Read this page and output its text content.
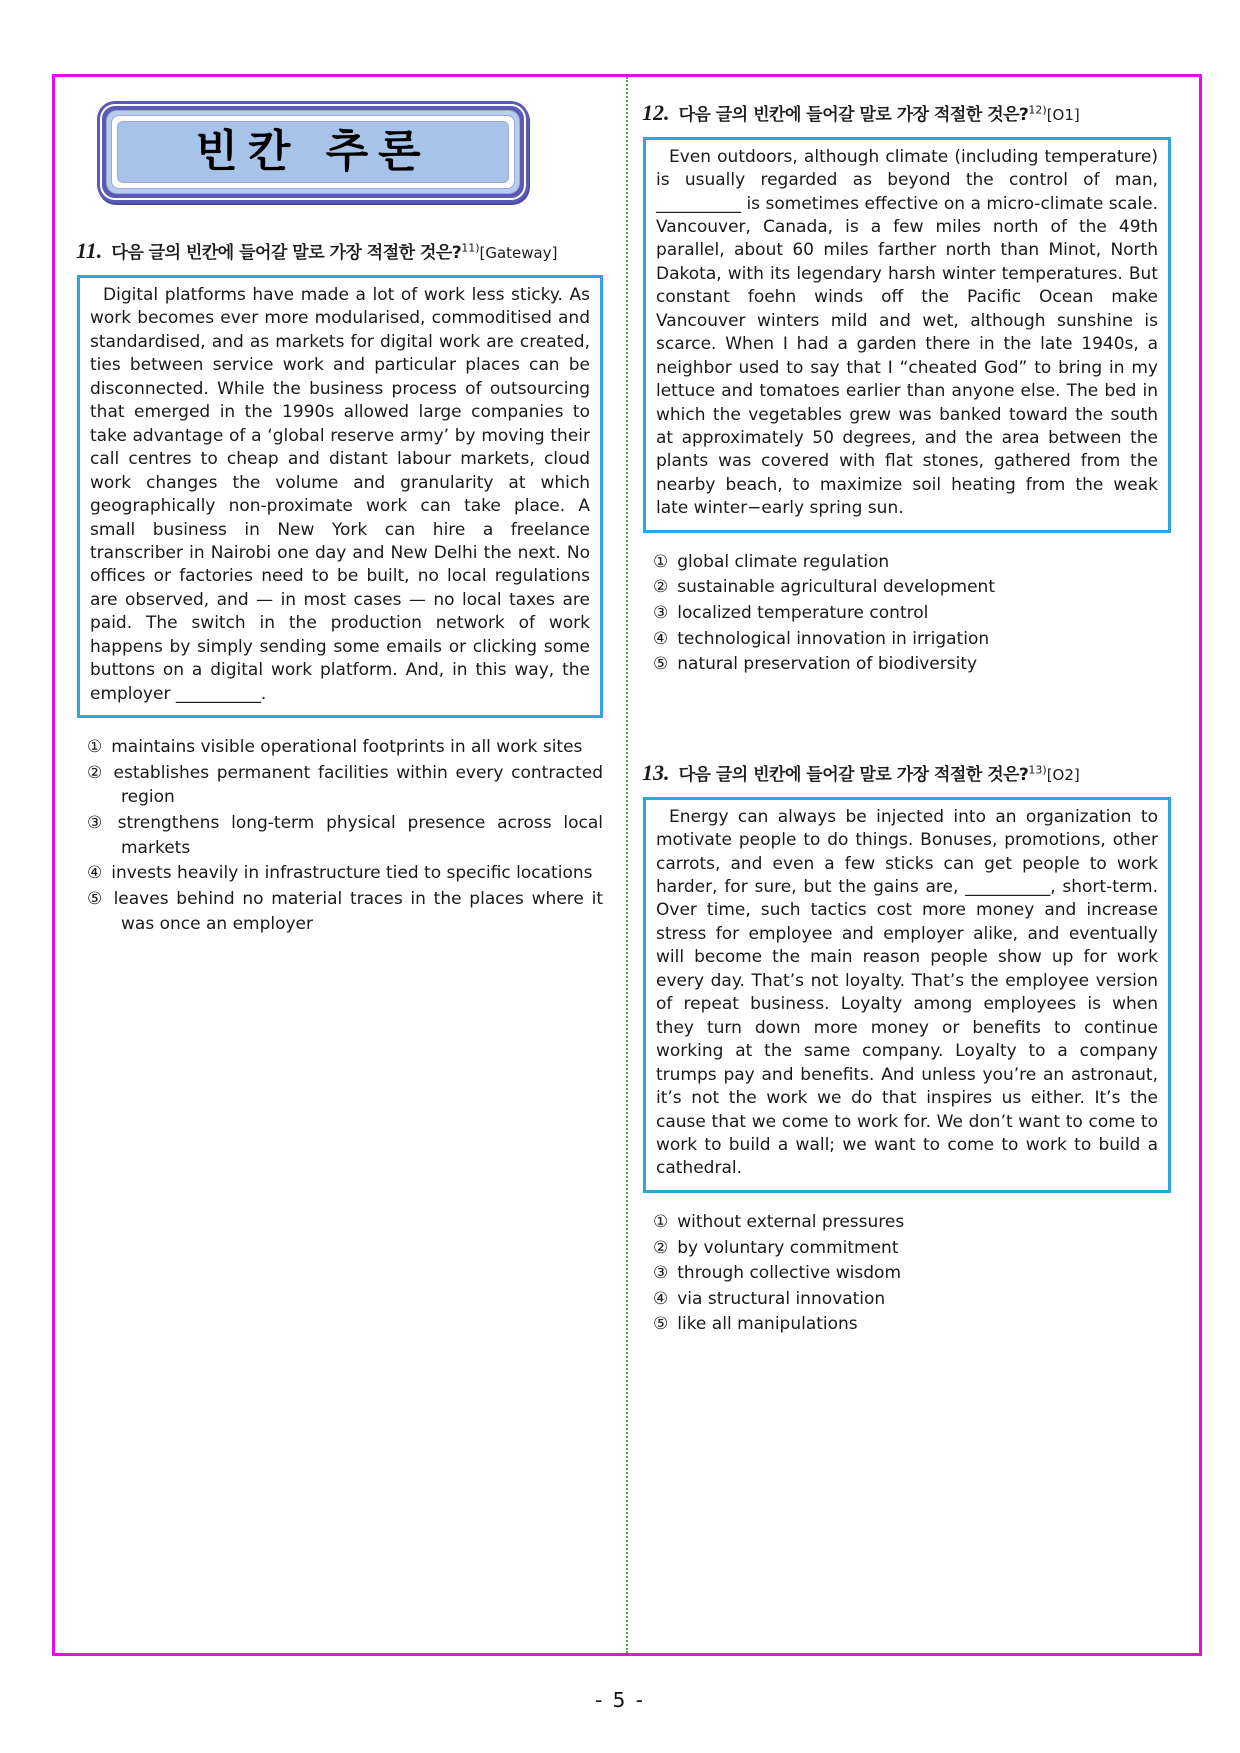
빈칸 추론
11. 다음 글의 빈칸에 들어갈 말로 가장 적절한 것은?$^{11)}$[Gateway]
Digital platforms have made a lot of work less sticky. As work becomes ever more modularised, commoditised and standardised, and as markets for digital work are created, ties between service work and particular places can be disconnected. While the business process of outsourcing that emerged in the 1990s allowed large companies to take advantage of a ‘global reserve army’ by moving their call centres to cheap and distant labour markets, cloud work changes the volume and granularity at which geographically non-proximate work can take place. A small business in New York can hire a freelance transcriber in Nairobi one day and New Delhi the next. No offices or factories need to be built, no local regulations are observed, and — in most cases — no local taxes are paid. The switch in the production network of work happens by simply sending some emails or clicking some buttons on a digital work platform. And, in this way, the employer __________.
① maintains visible operational footprints in all work sites
② establishes permanent facilities within every contracted region
③ strengthens long-term physical presence across local markets
④ invests heavily in infrastructure tied to specific locations
⑤ leaves behind no material traces in the places where it was once an employer
12. 다음 글의 빈칸에 들어갈 말로 가장 적절한 것은?$^{12)}$[O1]
Even outdoors, although climate (including temperature) is usually regarded as beyond the control of man, __________ is sometimes effective on a micro-climate scale. Vancouver, Canada, is a few miles north of the 49th parallel, about 60 miles farther north than Minot, North Dakota, with its legendary harsh winter temperatures. But constant foehn winds off the Pacific Ocean make Vancouver winters mild and wet, although sunshine is scarce. When I had a garden there in the late 1940s, a neighbor used to say that I “cheated God” to bring in my lettuce and tomatoes earlier than anyone else. The bed in which the vegetables grew was banked toward the south at approximately 50 degrees, and the area between the plants was covered with flat stones, gathered from the nearby beach, to maximize soil heating from the weak late winter−early spring sun.
① global climate regulation
② sustainable agricultural development
③ localized temperature control
④ technological innovation in irrigation
⑤ natural preservation of biodiversity
13. 다음 글의 빈칸에 들어갈 말로 가장 적절한 것은?$^{13)}$[O2]
Energy can always be injected into an organization to motivate people to do things. Bonuses, promotions, other carrots, and even a few sticks can get people to work harder, for sure, but the gains are, __________, short-term. Over time, such tactics cost more money and increase stress for employee and employer alike, and eventually will become the main reason people show up for work every day. That’s not loyalty. That’s the employee version of repeat business. Loyalty among employees is when they turn down more money or benefits to continue working at the same company. Loyalty to a company trumps pay and benefits. And unless you’re an astronaut, it’s not the work we do that inspires us either. It’s the cause that we come to work for. We don’t want to come to work to build a wall; we want to come to work to build a cathedral.
① without external pressures
② by voluntary commitment
③ through collective wisdom
④ via structural innovation
⑤ like all manipulations
- 5 -
